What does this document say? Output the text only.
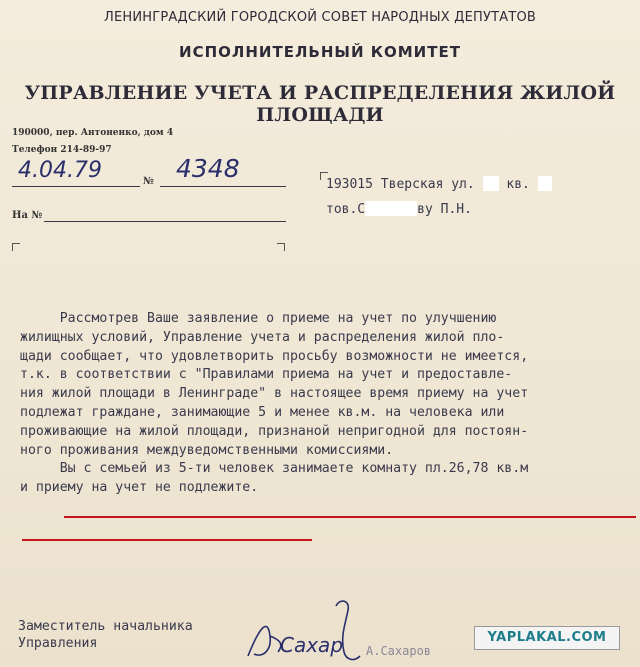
ЛЕНИНГРАДСКИЙ ГОРОДСКОЙ СОВЕТ НАРОДНЫХ ДЕПУТАТОВ
ИСПОЛНИТЕЛЬНЫЙ КОМИТЕТ
УПРАВЛЕНИЕ УЧЕТА И РАСПРЕДЕЛЕНИЯ ЖИЛОЙ ПЛОЩАДИ
190000, пер. Антоненко, дом 4
Телефон 214-89-97
4.04.79	№ 4348
На №
193015 Тверская ул. кв.
тов.С	ву П.Н.
Рассмотрев Ваше заявление о приеме на учет по улучшению
жилищных условий, Управление учета и распределения жилой пло-
щади сообщает, что удовлетворить просьбу возможности не имеется,
т.к. в соответствии с "Правилами приема на учет и предоставле-
ния жилой площади в Ленинграде" в настоящее время приему на учет
подлежат граждане, занимающие 5 и менее кв.м. на человека или
проживающие на жилой площади, признаной непригодной для постоян-
ного проживания междуведомственными комиссиями.
Вы с семьей из 5-ти человек занимаете комнату пл.26,78 кв.м
и приему на учет не подлежите.
Заместитель начальника
Управления	Сахар А.Сахаров
YAPLAKAL.COM
